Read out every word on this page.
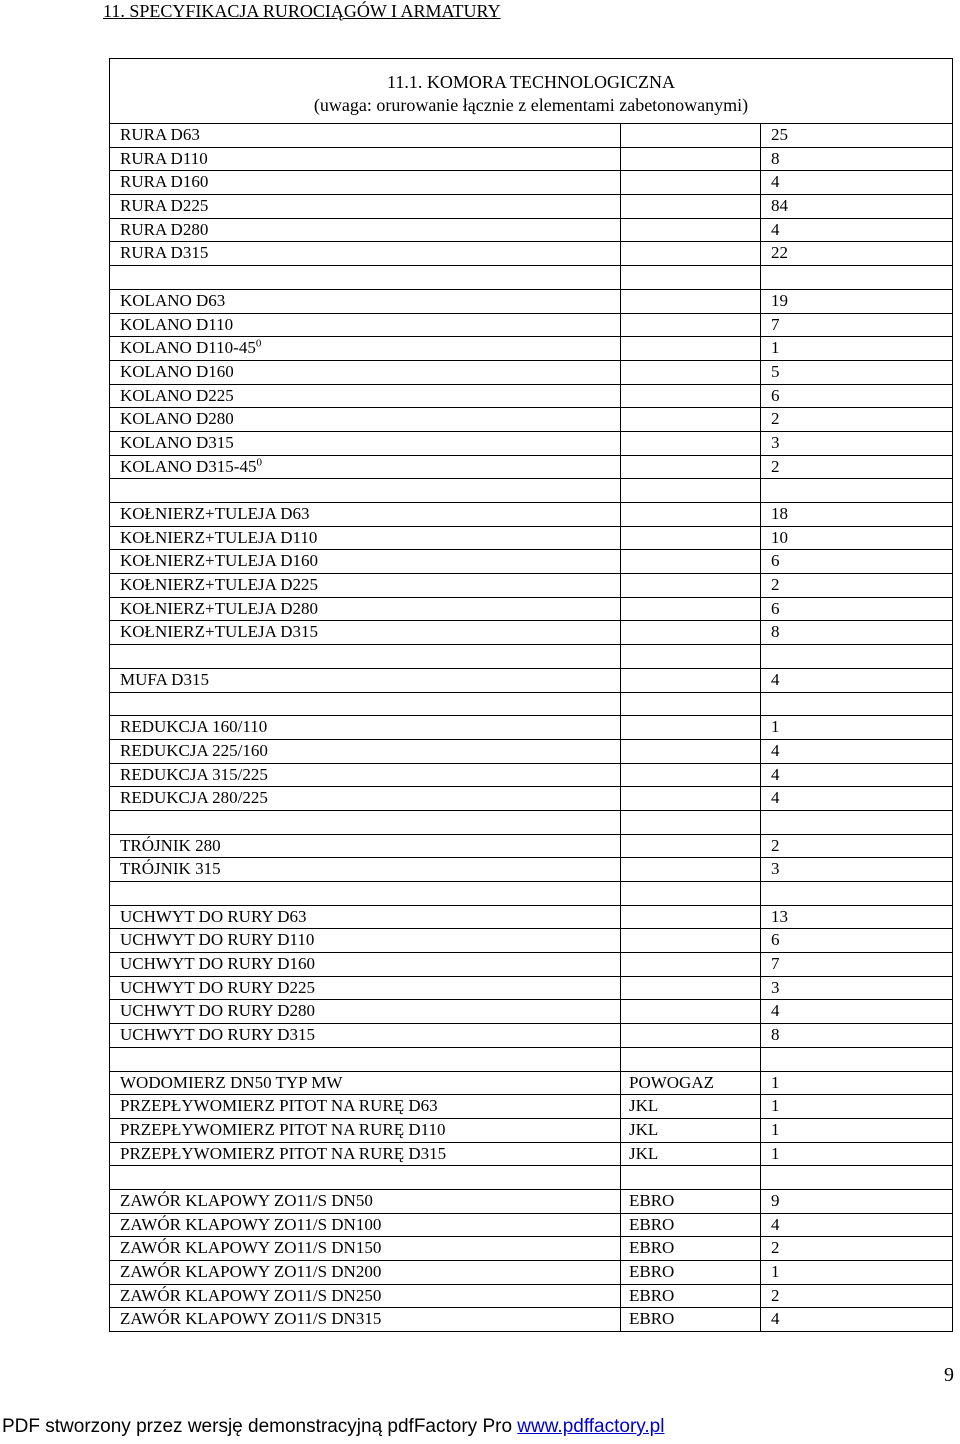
11. SPECYFIKACJA RUROCIĄGÓW I ARMATURY
11.1. KOMORA TECHNOLOGICZNA
(uwaga: orurowanie łącznie z elementami zabetonowanymi)		

RURA D63		25
RURA D110		8
RURA D160		4
RURA D225		84
RURA D280		4
RURA D315		22

KOLANO D63		19
KOLANO D110		7
KOLANO $D110-45^0$		1
KOLANO D160		5
KOLANO D225		6
KOLANO D280		2
KOLANO D315		3
KOLANO $D315-45^0$		2

KOŁNIERZ+TULEJA D63		18
KOŁNIERZ+TULEJA D110		10
KOŁNIERZ+TULEJA D160		6
KOŁNIERZ+TULEJA D225		2
KOŁNIERZ+TULEJA D280		6
KOŁNIERZ+TULEJA D315		8

MUFA D315		4

REDUKCJA 160/110		1
REDUKCJA 225/160		4
REDUKCJA 315/225		4
REDUKCJA 280/225		4

TRÓJNIK 280		2
TRÓJNIK 315		3

UCHWYT DO RURY D63		13
UCHWYT DO RURY D110		6
UCHWYT DO RURY D160		7
UCHWYT DO RURY D225		3
UCHWYT DO RURY D280		4
UCHWYT DO RURY D315		8

WODOMIERZ DN50 TYP MW	POWOGAZ	1
PRZEPŁYWOMIERZ PITOT NA RURĘ D63	JKL	1
PRZEPŁYWOMIERZ PITOT NA RURĘ D110	JKL	1
PRZEPŁYWOMIERZ PITOT NA RURĘ D315	JKL	1

ZAWÓR KLAPOWY ZO11/S DN50	EBRO	9
ZAWÓR KLAPOWY ZO11/S DN100	EBRO	4
ZAWÓR KLAPOWY ZO11/S DN150	EBRO	2
ZAWÓR KLAPOWY ZO11/S DN200	EBRO	1
ZAWÓR KLAPOWY ZO11/S DN250	EBRO	2
ZAWÓR KLAPOWY ZO11/S DN315	EBRO	4
9
PDF stworzony przez wersję demonstracyjną pdfFactory Pro www.pdffactory.pl
